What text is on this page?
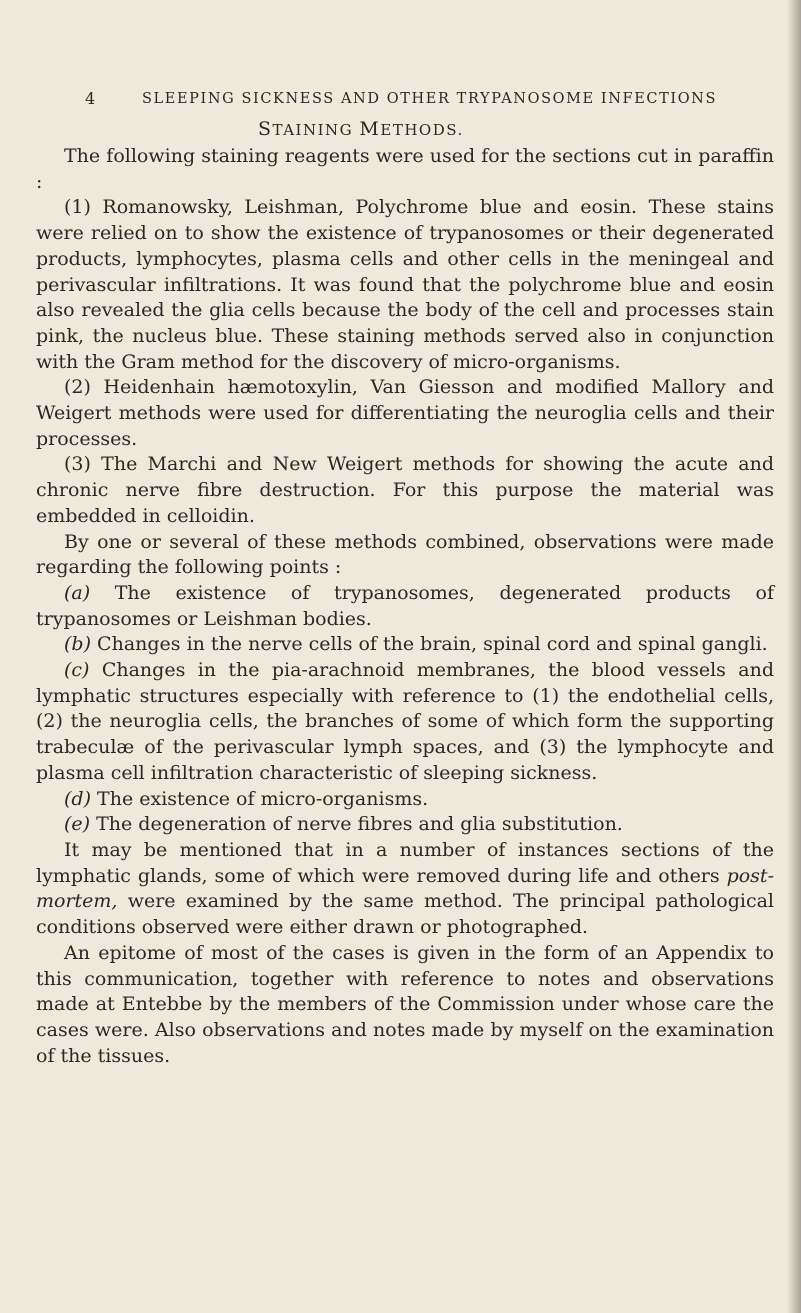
4	SLEEPING SICKNESS AND OTHER TRYPANOSOME INFECTIONS
STAINING METHODS.

The following staining reagents were used for the sections cut in paraffin :

(1) Romanowsky, Leishman, Polychrome blue and eosin. These stains were relied on to show the existence of trypanosomes or their degenerated products, lymphocytes, plasma cells and other cells in the meningeal and perivascular infiltrations. It was found that the polychrome blue and eosin also revealed the glia cells because the body of the cell and processes stain pink, the nucleus blue. These staining methods served also in conjunction with the Gram method for the discovery of micro-organisms.

(2) Heidenhain hæmotoxylin, Van Giesson and modified Mallory and Weigert methods were used for differentiating the neuroglia cells and their processes.

(3) The Marchi and New Weigert methods for showing the acute and chronic nerve fibre destruction. For this purpose the material was embedded in celloidin.

By one or several of these methods combined, observations were made regarding the following points :

(a) The existence of trypanosomes, degenerated products of trypanosomes or Leishman bodies.

(b) Changes in the nerve cells of the brain, spinal cord and spinal gangli.

(c) Changes in the pia-arachnoid membranes, the blood vessels and lymphatic structures especially with reference to (1) the endothelial cells, (2) the neuroglia cells, the branches of some of which form the supporting trabeculæ of the perivascular lymph spaces, and (3) the lymphocyte and plasma cell infiltration characteristic of sleeping sickness.

(d) The existence of micro-organisms.

(e) The degeneration of nerve fibres and glia substitution.

It may be mentioned that in a number of instances sections of the lymphatic glands, some of which were removed during life and others post-mortem, were examined by the same method. The principal pathological conditions observed were either drawn or photographed.

An epitome of most of the cases is given in the form of an Appendix to this communication, together with reference to notes and observations made at Entebbe by the members of the Commission under whose care the cases were. Also observations and notes made by myself on the examination of the tissues.
